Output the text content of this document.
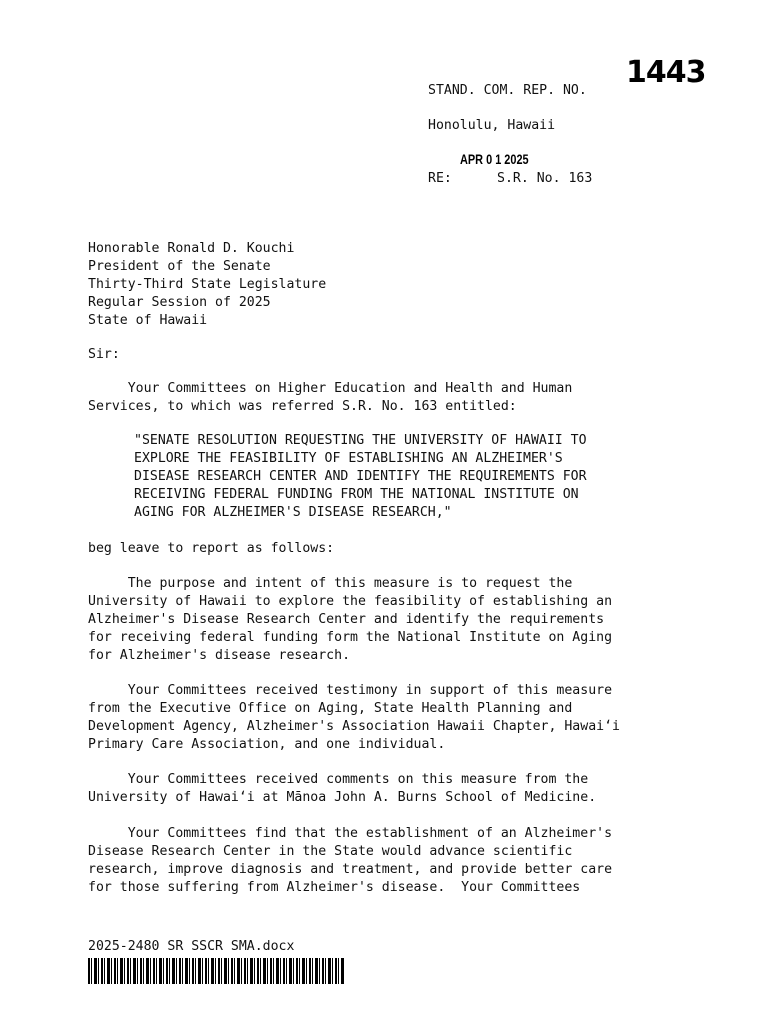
STAND. COM. REP. NO.
1443
Honolulu, Hawaii
APR 0 1 2025
RE:	S.R. No. 163
Honorable Ronald D. Kouchi
President of the Senate
Thirty-Third State Legislature
Regular Session of 2025
State of Hawaii
Sir:
Your Committees on Higher Education and Health and Human
Services, to which was referred S.R. No. 163 entitled:
"SENATE RESOLUTION REQUESTING THE UNIVERSITY OF HAWAII TO
EXPLORE THE FEASIBILITY OF ESTABLISHING AN ALZHEIMER'S
DISEASE RESEARCH CENTER AND IDENTIFY THE REQUIREMENTS FOR
RECEIVING FEDERAL FUNDING FROM THE NATIONAL INSTITUTE ON
AGING FOR ALZHEIMER'S DISEASE RESEARCH,"
beg leave to report as follows:
The purpose and intent of this measure is to request the
University of Hawaii to explore the feasibility of establishing an
Alzheimer's Disease Research Center and identify the requirements
for receiving federal funding form the National Institute on Aging
for Alzheimer's disease research.
Your Committees received testimony in support of this measure
from the Executive Office on Aging, State Health Planning and
Development Agency, Alzheimer's Association Hawaii Chapter, Hawaiʻi
Primary Care Association, and one individual.
Your Committees received comments on this measure from the
University of Hawaiʻi at Mānoa John A. Burns School of Medicine.
Your Committees find that the establishment of an Alzheimer's
Disease Research Center in the State would advance scientific
research, improve diagnosis and treatment, and provide better care
for those suffering from Alzheimer's disease.  Your Committees
2025-2480 SR SSCR SMA.docx
